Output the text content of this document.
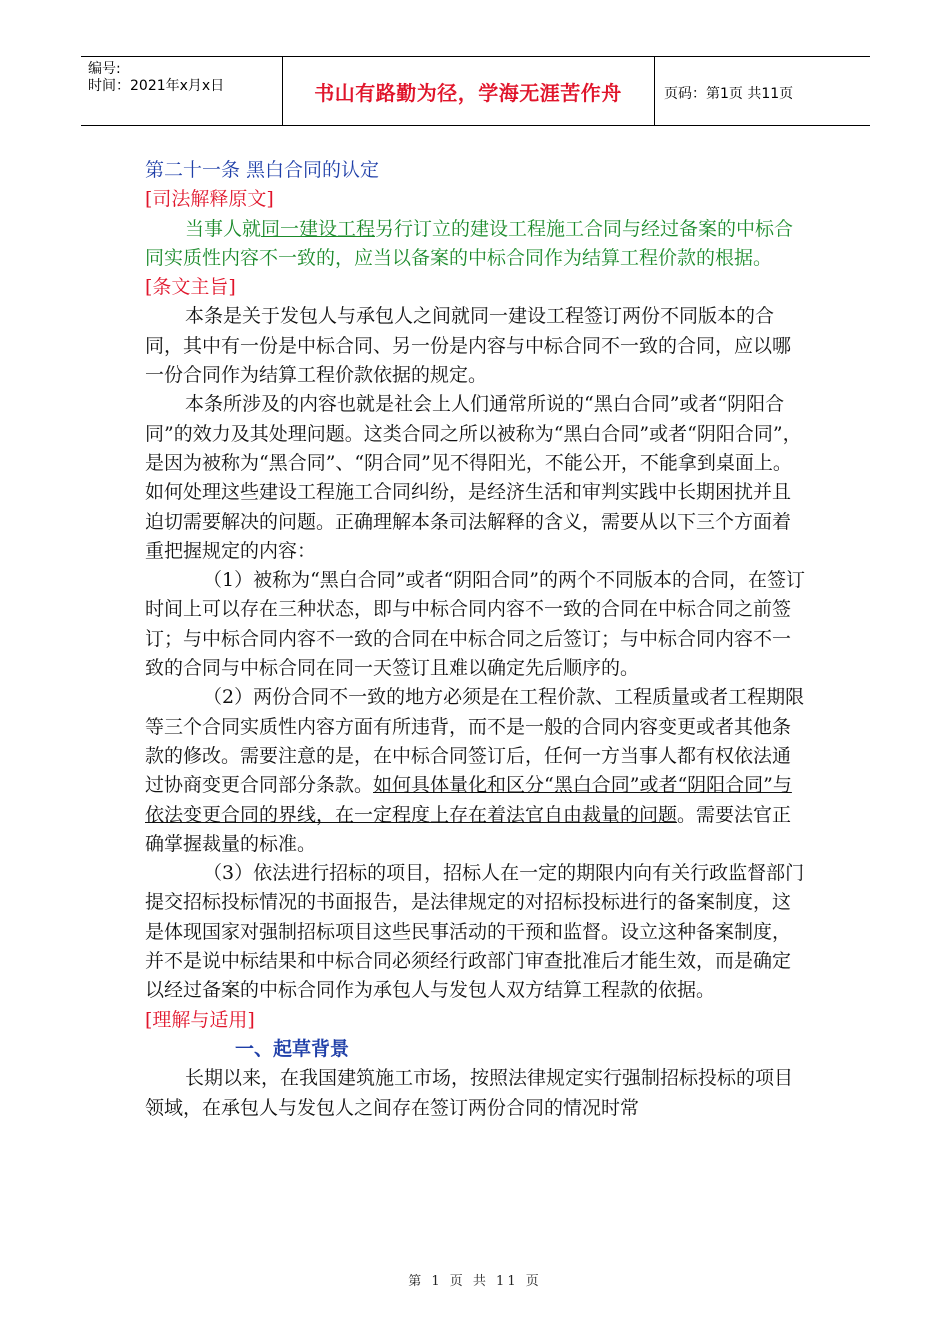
编号:
时间：2021年x月x日	书山有路勤为径，学海无涯苦作舟	页码：第1页 共11页

第二十一条 黑白合同的认定

[司法解释原文]

当事人就同一建设工程另行订立的建设工程施工合同与经过备案的中标合同实质性内容不一致的，应当以备案的中标合同作为结算工程价款的根据。

[条文主旨]

本条是关于发包人与承包人之间就同一建设工程签订两份不同版本的合同，其中有一份是中标合同、另一份是内容与中标合同不一致的合同，应以哪一份合同作为结算工程价款依据的规定。

本条所涉及的内容也就是社会上人们通常所说的“黑白合同”或者“阴阳合同”的效力及其处理问题。这类合同之所以被称为“黑白合同”或者“阴阳合同”，是因为被称为“黑合同”、“阴合同”见不得阳光，不能公开，不能拿到桌面上。如何处理这些建设工程施工合同纠纷，是经济生活和审判实践中长期困扰并且迫切需要解决的问题。正确理解本条司法解释的含义，需要从以下三个方面着重把握规定的内容：

（1）被称为“黑白合同”或者“阴阳合同”的两个不同版本的合同，在签订时间上可以存在三种状态，即与中标合同内容不一致的合同在中标合同之前签订；与中标合同内容不一致的合同在中标合同之后签订；与中标合同内容不一致的合同与中标合同在同一天签订且难以确定先后顺序的。

（2）两份合同不一致的地方必须是在工程价款、工程质量或者工程期限等三个合同实质性内容方面有所违背，而不是一般的合同内容变更或者其他条款的修改。需要注意的是，在中标合同签订后，任何一方当事人都有权依法通过协商变更合同部分条款。如何具体量化和区分“黑白合同”或者“阴阳合同”与依法变更合同的界线，在一定程度上存在着法官自由裁量的问题。需要法官正确掌握裁量的标准。

（3）依法进行招标的项目，招标人在一定的期限内向有关行政监督部门提交招标投标情况的书面报告，是法律规定的对招标投标进行的备案制度，这是体现国家对强制招标项目这些民事活动的干预和监督。设立这种备案制度，并不是说中标结果和中标合同必须经行政部门审查批准后才能生效，而是确定以经过备案的中标合同作为承包人与发包人双方结算工程款的依据。

[理解与适用]

一、起草背景

长期以来，在我国建筑施工市场，按照法律规定实行强制招标投标的项目领域，在承包人与发包人之间存在签订两份合同的情况时常

第 1 页 共 11 页
